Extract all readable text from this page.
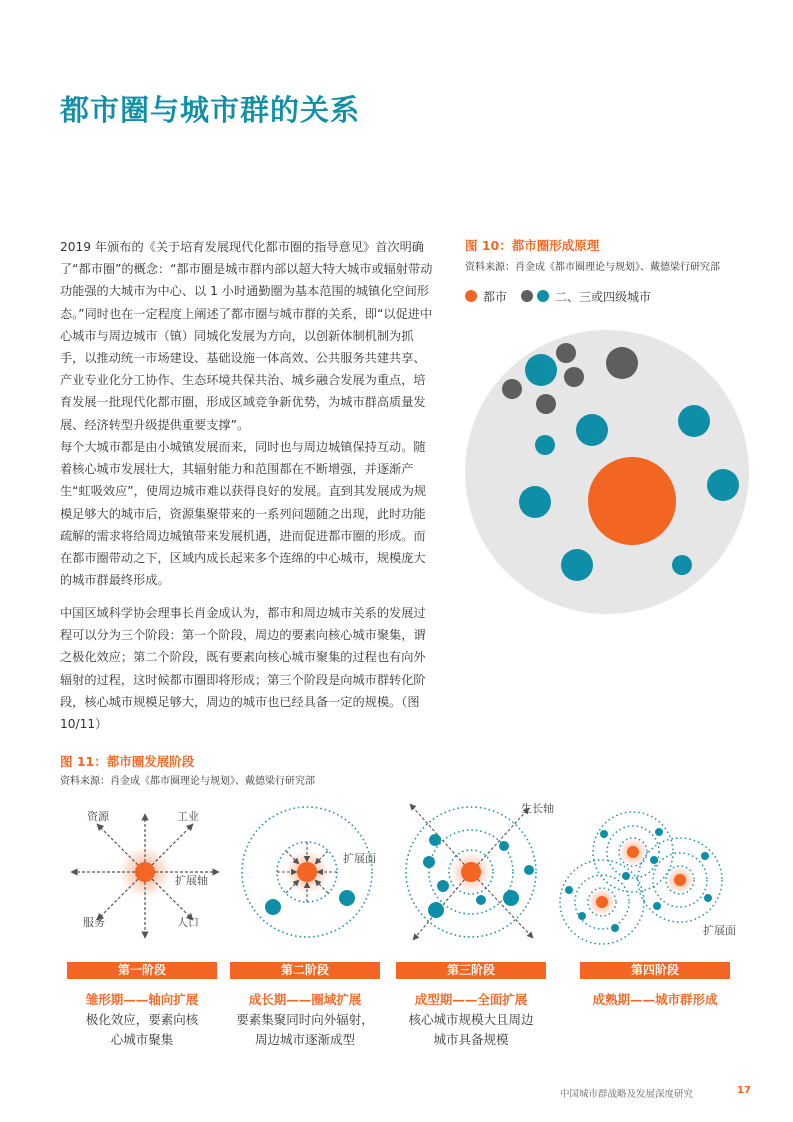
都市圈与城市群的关系

2019 年颁布的《关于培育发展现代化都市圈的指导意见》首次明确了“都市圈”的概念：“都市圈是城市群内部以超大特大城市或辐射带动功能强的大城市为中心、以 1 小时通勤圈为基本范围的城镇化空间形态。”同时也在一定程度上阐述了都市圈与城市群的关系，即“以促进中心城市与周边城市（镇）同城化发展为方向，以创新体制机制为抓手，以推动统一市场建设、基础设施一体高效、公共服务共建共享、产业专业化分工协作、生态环境共保共治、城乡融合发展为重点，培育发展一批现代化都市圈，形成区域竞争新优势，为城市群高质量发展、经济转型升级提供重要支撑”。

每个大城市都是由小城镇发展而来，同时也与周边城镇保持互动。随着核心城市发展壮大，其辐射能力和范围都在不断增强，并逐渐产生“虹吸效应”，使周边城市难以获得良好的发展。直到其发展成为规模足够大的城市后，资源集聚带来的一系列问题随之出现，此时功能疏解的需求将给周边城镇带来发展机遇，进而促进都市圈的形成。而在都市圈带动之下，区域内成长起来多个连绵的中心城市，规模庞大的城市群最终形成。

中国区域科学协会理事长肖金成认为，都市和周边城市关系的发展过程可以分为三个阶段：第一个阶段，周边的要素向核心城市聚集，谓之极化效应；第二个阶段，既有要素向核心城市聚集的过程也有向外辐射的过程，这时候都市圈即将形成；第三个阶段是向城市群转化阶段，核心城市规模足够大，周边的城市也已经具备一定的规模。（图 10/11）

图 10：都市圈形成原理

资料来源：肖金成《都市圈理论与规划》、戴德梁行研究部

都市	二、三或四级城市

图 11：都市圈发展阶段

资料来源：肖金成《都市圈理论与规划》、戴德梁行研究部

资源	工业
扩展轴
服务	人口
扩展面
生长轴
扩展面
第一阶段	第二阶段	第三阶段	第四阶段

雏形期——轴向扩展	成长期——圈域扩展	成型期——全面扩展	成熟期——城市群形成

极化效应，要素向核
心城市聚集

要素集聚同时向外辐射，
周边城市逐渐成型

核心城市规模大且周边
城市具备规模

中国城市群战略及发展深度研究	17
